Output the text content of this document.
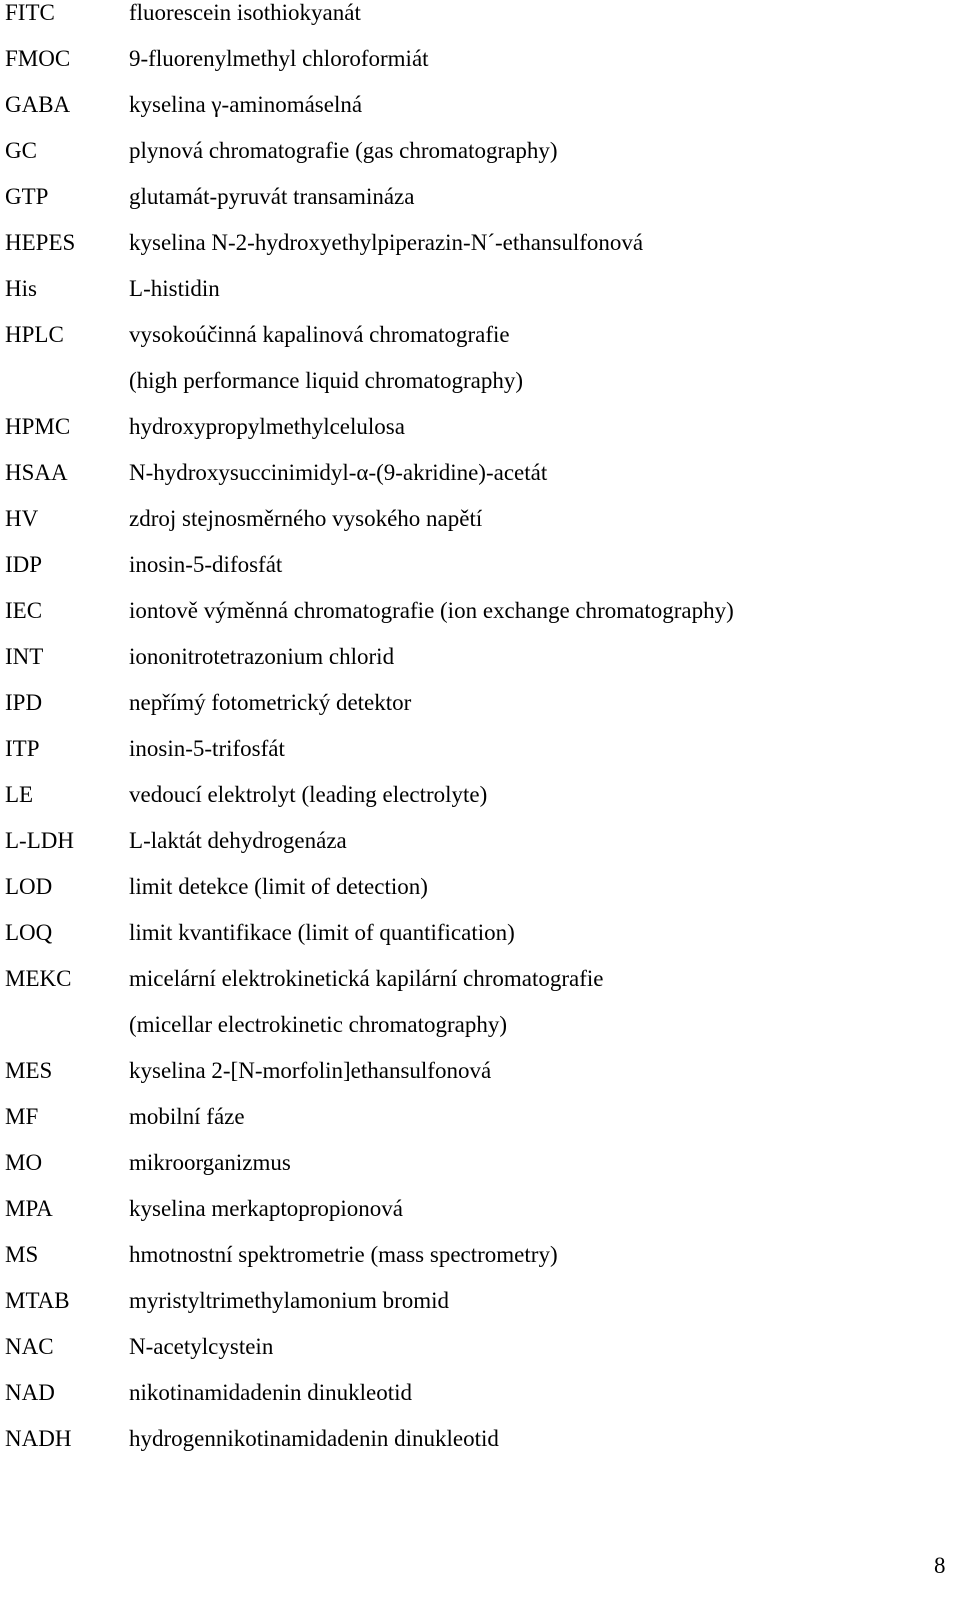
FITC	fluorescein isothiokyanát
FMOC	9-fluorenylmethyl chloroformiát
GABA	kyselina γ-aminomáselná
GC	plynová chromatografie (gas chromatography)
GTP	glutamát-pyruvát transamináza
HEPES kyselina N-2-hydroxyethylpiperazin-N´-ethansulfonová
His	L-histidin
HPLC	vysokoúčinná kapalinová chromatografie
(high performance liquid chromatography)
HPMC	hydroxypropylmethylcelulosa
HSAA	N-hydroxysuccinimidyl-α-(9-akridine)-acetát
HV	zdroj stejnosměrného vysokého napětí
IDP	inosin-5-difosfát
IEC	iontově výměnná chromatografie (ion exchange chromatography)
INT	iononitrotetrazonium chlorid
IPD	nepřímý fotometrický detektor
ITP	inosin-5-trifosfát
LE	vedoucí elektrolyt (leading electrolyte)
L-LDH L-laktát dehydrogenáza
LOD	limit detekce (limit of detection)
LOQ	limit kvantifikace (limit of quantification)
MEKC	micelární elektrokinetická kapilární chromatografie
(micellar electrokinetic chromatography)
MES	kyselina 2-[N-morfolin]ethansulfonová
MF	mobilní fáze
MO	mikroorganizmus
MPA	kyselina merkaptopropionová
MS	hmotnostní spektrometrie (mass spectrometry)
MTAB	myristyltrimethylamonium bromid
NAC	N-acetylcystein
NAD	nikotinamidadenin dinukleotid
NADH	hydrogennikotinamidadenin dinukleotid
8
